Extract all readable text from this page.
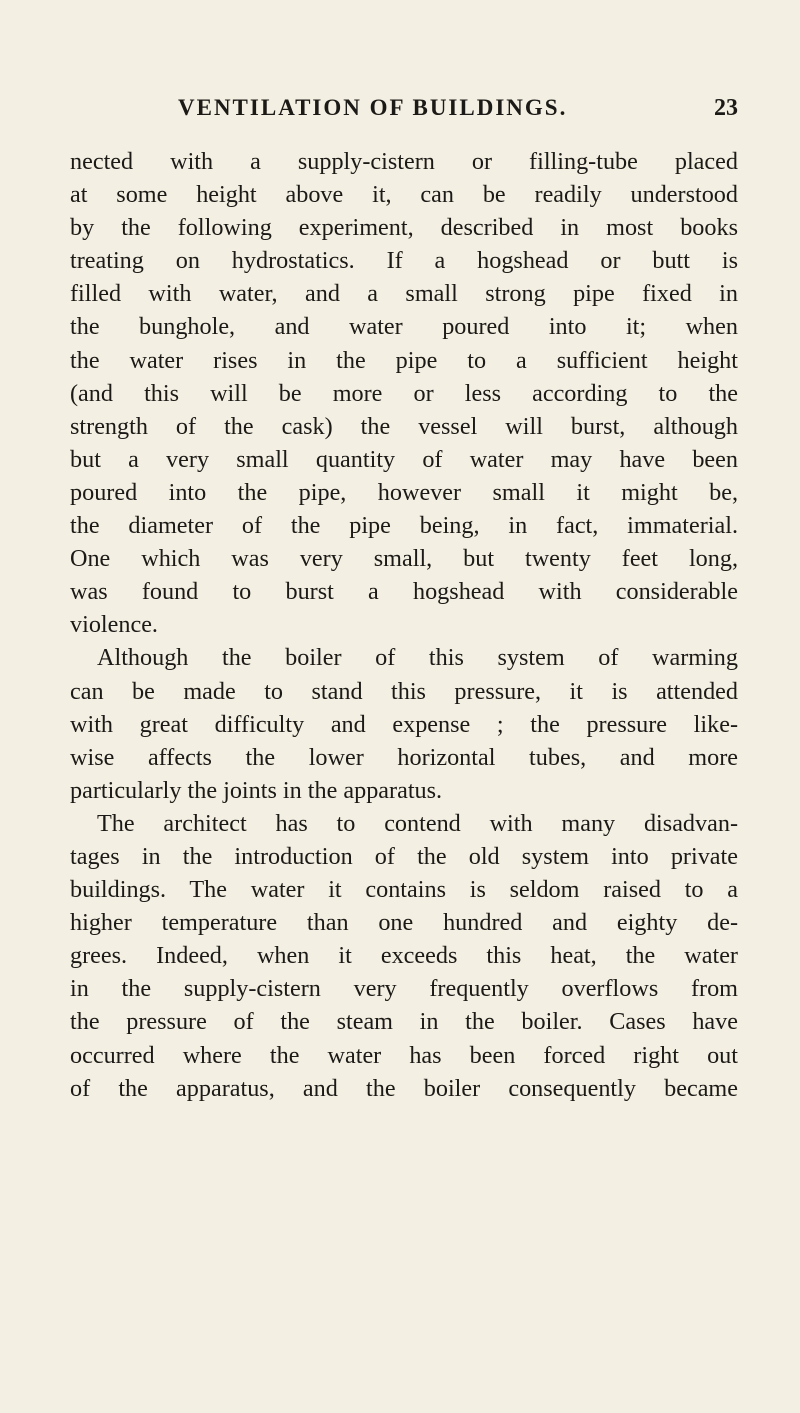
VENTILATION OF BUILDINGS.	23
nected with a supply-cistern or filling-tube placed
at some height above it, can be readily understood
by the following experiment, described in most books
treating on hydrostatics. If a hogshead or butt is
filled with water, and a small strong pipe fixed in
the bunghole, and water poured into it; when
the water rises in the pipe to a sufficient height
(and this will be more or less according to the
strength of the cask) the vessel will burst, although
but a very small quantity of water may have been
poured into the pipe, however small it might be,
the diameter of the pipe being, in fact, immaterial.
One which was very small, but twenty feet long,
was found to burst a hogshead with considerable
violence.
Although the boiler of this system of warming
can be made to stand this pressure, it is attended
with great difficulty and expense ; the pressure like-
wise affects the lower horizontal tubes, and more
particularly the joints in the apparatus.
The architect has to contend with many disadvan-
tages in the introduction of the old system into private
buildings. The water it contains is seldom raised to a
higher temperature than one hundred and eighty de-
grees. Indeed, when it exceeds this heat, the water
in the supply-cistern very frequently overflows from
the pressure of the steam in the boiler. Cases have
occurred where the water has been forced right out
of the apparatus, and the boiler consequently became
